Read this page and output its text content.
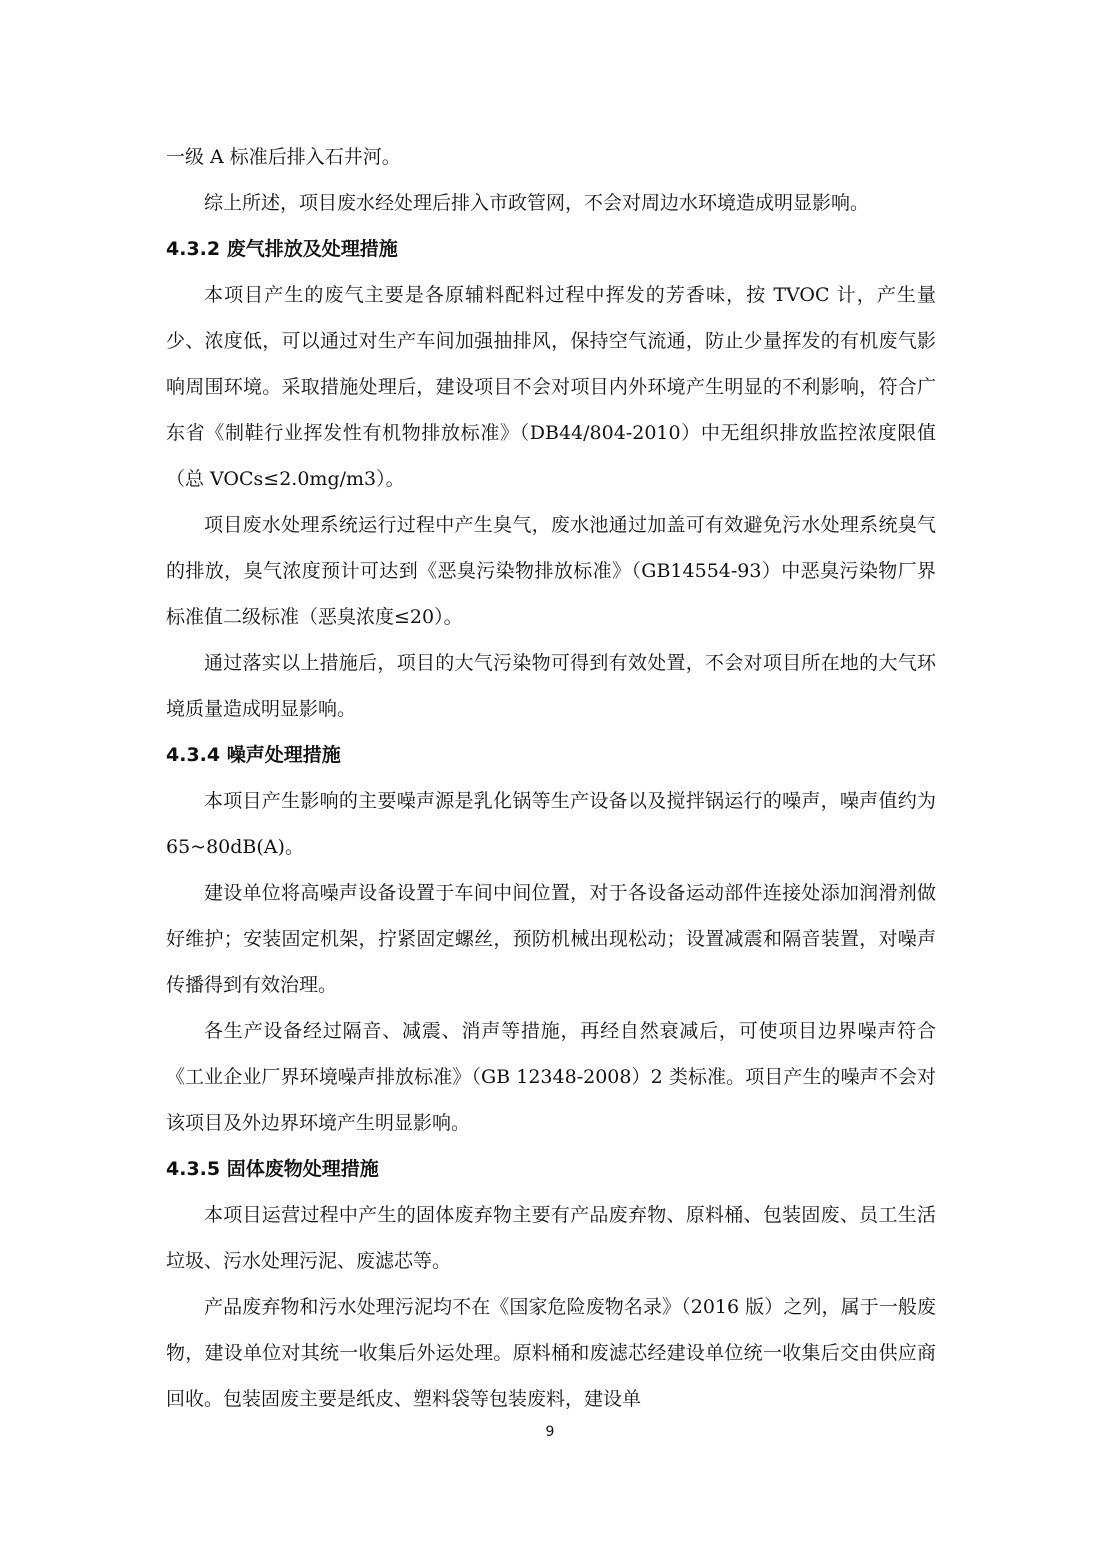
一级 A 标准后排入石井河。

综上所述，项目废水经处理后排入市政管网，不会对周边水环境造成明显影响。

4.3.2 废气排放及处理措施

本项目产生的废气主要是各原辅料配料过程中挥发的芳香味，按 TVOC 计，产生量少、浓度低，可以通过对生产车间加强抽排风，保持空气流通，防止少量挥发的有机废气影响周围环境。采取措施处理后，建设项目不会对项目内外环境产生明显的不利影响，符合广东省《制鞋行业挥发性有机物排放标准》（DB44/804-2010）中无组织排放监控浓度限值（总 VOCs≤2.0mg/m3）。

项目废水处理系统运行过程中产生臭气，废水池通过加盖可有效避免污水处理系统臭气的排放，臭气浓度预计可达到《恶臭污染物排放标准》（GB14554-93）中恶臭污染物厂界标准值二级标准（恶臭浓度≤20）。

通过落实以上措施后，项目的大气污染物可得到有效处置，不会对项目所在地的大气环境质量造成明显影响。

4.3.4 噪声处理措施

本项目产生影响的主要噪声源是乳化锅等生产设备以及搅拌锅运行的噪声，噪声值约为 65~80dB(A)。

建设单位将高噪声设备设置于车间中间位置，对于各设备运动部件连接处添加润滑剂做好维护；安装固定机架，拧紧固定螺丝，预防机械出现松动；设置减震和隔音装置，对噪声传播得到有效治理。

各生产设备经过隔音、减震、消声等措施，再经自然衰减后，可使项目边界噪声符合《工业企业厂界环境噪声排放标准》（GB 12348-2008）2 类标准。项目产生的噪声不会对该项目及外边界环境产生明显影响。

4.3.5 固体废物处理措施

本项目运营过程中产生的固体废弃物主要有产品废弃物、原料桶、包装固废、员工生活垃圾、污水处理污泥、废滤芯等。

产品废弃物和污水处理污泥均不在《国家危险废物名录》（2016 版）之列，属于一般废物，建设单位对其统一收集后外运处理。原料桶和废滤芯经建设单位统一收集后交由供应商回收。包装固废主要是纸皮、塑料袋等包装废料，建设单

9
